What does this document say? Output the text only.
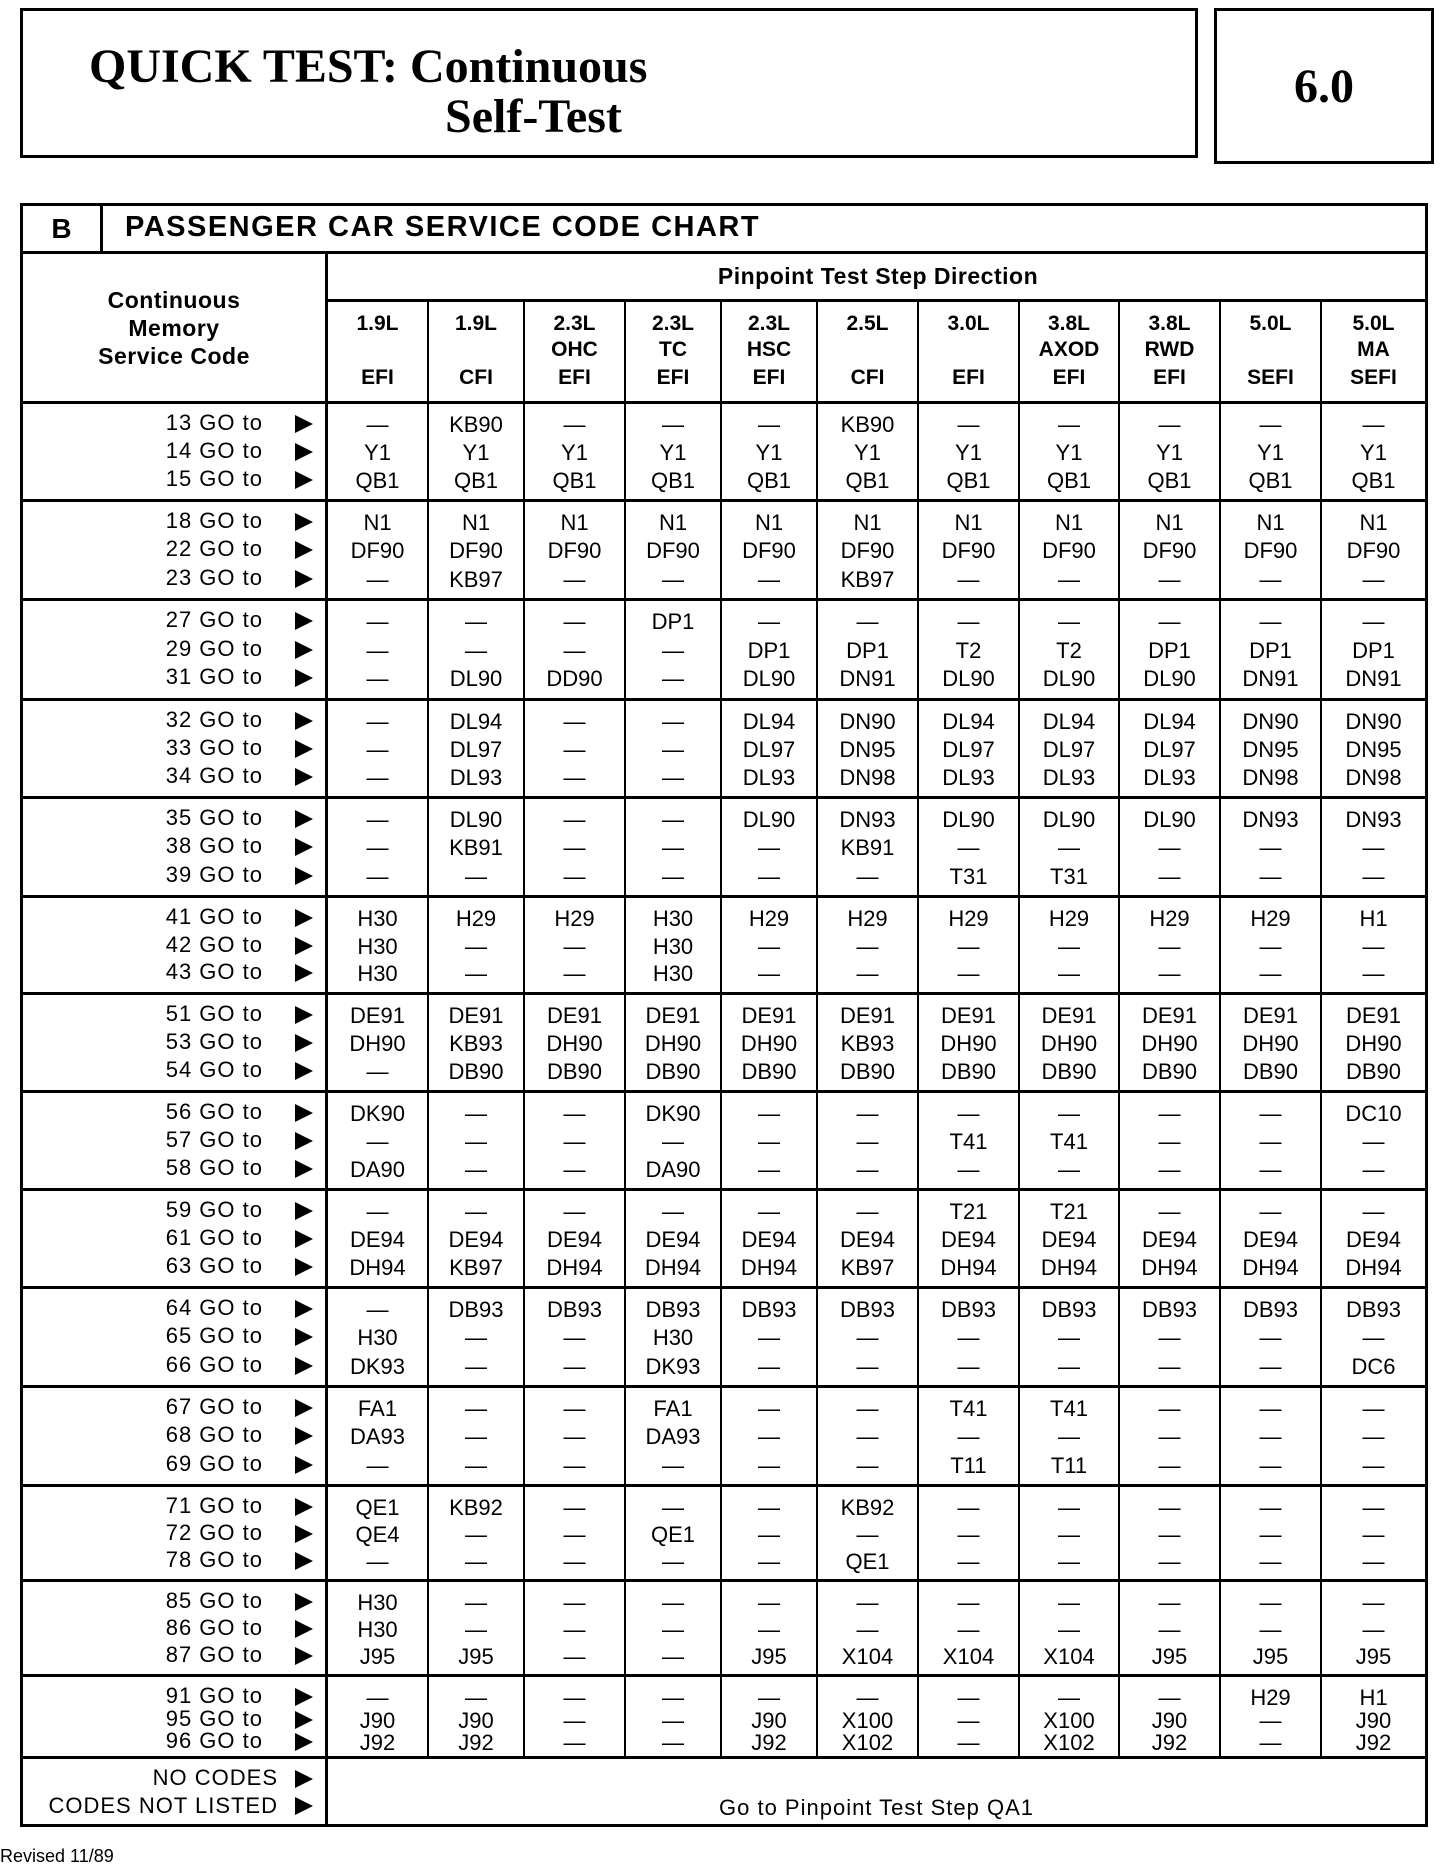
QUICK TEST: Continuous
Self-Test
6.0
B	PASSENGER CAR SERVICE CODE CHART
Continuous
Memory
Service Code
Pinpoint Test Step Direction
1.9L
EFI
1.9L
CFI
2.3L
OHC
EFI
2.3L
TC
EFI
2.3L
HSC
EFI
2.5L
CFI
3.0L
EFI
3.8L
AXOD
EFI
3.8L
RWD
EFI
5.0L
SEFI
5.0L
MA
SEFI
13 GO to
14 GO to
15 GO to
—
Y1
QB1
KB90
Y1
QB1
—
Y1
QB1
—
Y1
QB1
—
Y1
QB1
KB90
Y1
QB1
—
Y1
QB1
—
Y1
QB1
—
Y1
QB1
—
Y1
QB1
—
Y1
QB1
18 GO to
22 GO to
23 GO to
N1
DF90
—
N1
DF90
KB97
N1
DF90
—
N1
DF90
—
N1
DF90
—
N1
DF90
KB97
N1
DF90
—
N1
DF90
—
N1
DF90
—
N1
DF90
—
N1
DF90
—
27 GO to
29 GO to
31 GO to
—
—
—
—
—
DL90
—
—
DD90
DP1
—
—
—
DP1
DL90
—
DP1
DN91
—
T2
DL90
—
T2
DL90
—
DP1
DL90
—
DP1
DN91
—
DP1
DN91
32 GO to
33 GO to
34 GO to
—
—
—
DL94
DL97
DL93
—
—
—
—
—
—
DL94
DL97
DL93
DN90
DN95
DN98
DL94
DL97
DL93
DL94
DL97
DL93
DL94
DL97
DL93
DN90
DN95
DN98
DN90
DN95
DN98
35 GO to
38 GO to
39 GO to
—
—
—
DL90
KB91
—
—
—
—
—
—
—
DL90
—
—
DN93
KB91
—
DL90
—
T31
DL90
—
T31
DL90
—
—
DN93
—
—
DN93
—
—
41 GO to
42 GO to
43 GO to
H30
H30
H30
H29
—
—
H29
—
—
H30
H30
H30
H29
—
—
H29
—
—
H29
—
—
H29
—
—
H29
—
—
H29
—
—
H1
—
—
51 GO to
53 GO to
54 GO to
DE91
DH90
—
DE91
KB93
DB90
DE91
DH90
DB90
DE91
DH90
DB90
DE91
DH90
DB90
DE91
KB93
DB90
DE91
DH90
DB90
DE91
DH90
DB90
DE91
DH90
DB90
DE91
DH90
DB90
DE91
DH90
DB90
56 GO to
57 GO to
58 GO to
DK90
—
DA90
—
—
—
—
—
—
DK90
—
DA90
—
—
—
—
—
—
—
T41
—
—
T41
—
—
—
—
—
—
—
DC10
—
—
59 GO to
61 GO to
63 GO to
—
DE94
DH94
—
DE94
KB97
—
DE94
DH94
—
DE94
DH94
—
DE94
DH94
—
DE94
KB97
T21
DE94
DH94
T21
DE94
DH94
—
DE94
DH94
—
DE94
DH94
—
DE94
DH94
64 GO to
65 GO to
66 GO to
—
H30
DK93
DB93
—
—
DB93
—
—
DB93
H30
DK93
DB93
—
—
DB93
—
—
DB93
—
—
DB93
—
—
DB93
—
—
DB93
—
—
DB93
—
DC6
67 GO to
68 GO to
69 GO to
FA1
DA93
—
—
—
—
—
—
—
FA1
DA93
—
—
—
—
—
—
—
T41
—
T11
T41
—
T11
—
—
—
—
—
—
—
—
—
71 GO to
72 GO to
78 GO to
QE1
QE4
—
KB92
—
—
—
—
—
—
QE1
—
—
—
—
KB92
—
QE1
—
—
—
—
—
—
—
—
—
—
—
—
—
—
—
85 GO to
86 GO to
87 GO to
H30
H30
J95
—
—
J95
—
—
—
—
—
—
—
—
J95
—
—
X104
—
—
X104
—
—
X104
—
—
J95
—
—
J95
—
—
J95
91 GO to
95 GO to
96 GO to
—
J90
J92
—
J90
J92
—
—
—
—
—
—
—
J90
J92
—
X100
X102
—
—
—
—
X100
X102
—
J90
J92
H29
—
—
H1
J90
J92
NO CODES
CODES NOT LISTED	Go to Pinpoint Test Step QA1
Revised 11/89
